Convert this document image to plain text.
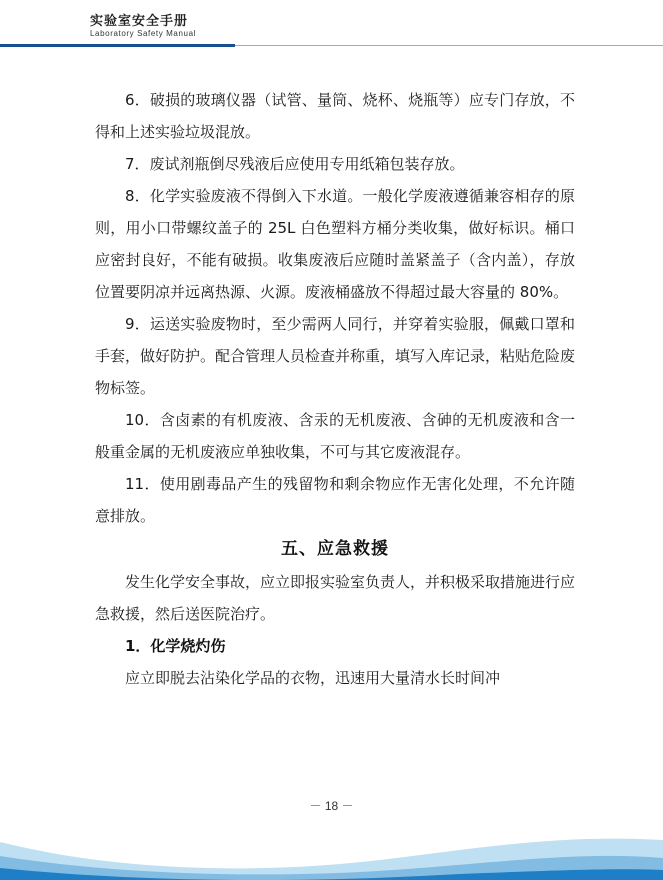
实验室安全手册
Laboratory Safety Manual

6．破损的玻璃仪器（试管、量筒、烧杯、烧瓶等）应专门存放，不得和上述实验垃圾混放。

7．废试剂瓶倒尽残液后应使用专用纸箱包装存放。

8．化学实验废液不得倒入下水道。一般化学废液遵循兼容相存的原则，用小口带螺纹盖子的 25L 白色塑料方桶分类收集，做好标识。桶口应密封良好，不能有破损。收集废液后应随时盖紧盖子（含内盖），存放位置要阴凉并远离热源、火源。废液桶盛放不得超过最大容量的 80%。

9．运送实验废物时，至少需两人同行，并穿着实验服，佩戴口罩和手套，做好防护。配合管理人员检查并称重，填写入库记录，粘贴危险废物标签。

10．含卤素的有机废液、含汞的无机废液、含砷的无机废液和含一般重金属的无机废液应单独收集，不可与其它废液混存。

11．使用剧毒品产生的残留物和剩余物应作无害化处理，不允许随意排放。

五、应急救援

发生化学安全事故，应立即报实验室负责人，并积极采取措施进行应急救援，然后送医院治疗。

1．化学烧灼伤

应立即脱去沾染化学品的衣物，迅速用大量清水长时间冲

－ 18 －
